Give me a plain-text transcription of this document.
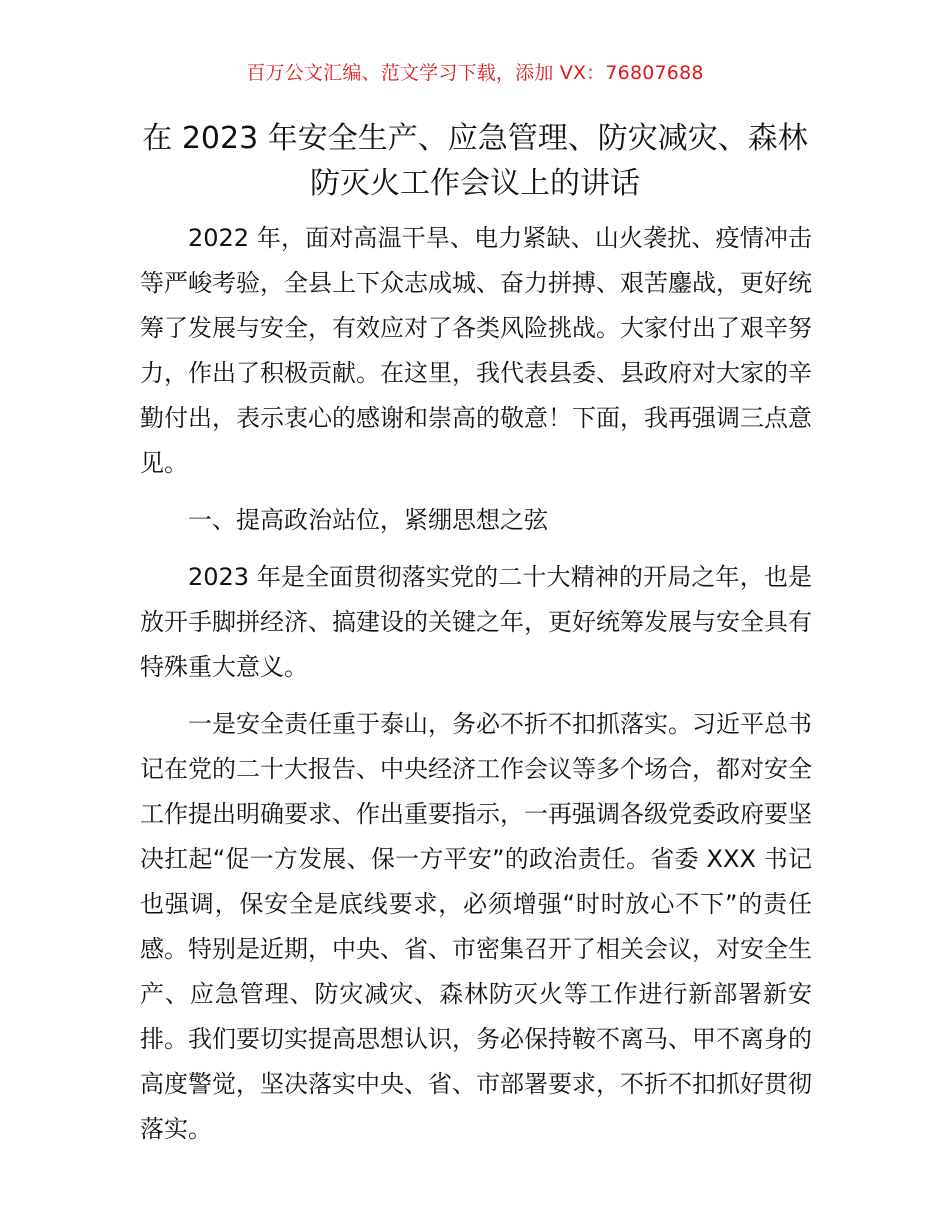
百万公文汇编、范文学习下载，添加 VX：76807688
在 2023 年安全生产、应急管理、防灾减灾、森林防灭火工作会议上的讲话

2022 年，面对高温干旱、电力紧缺、山火袭扰、疫情冲击等严峻考验，全县上下众志成城、奋力拼搏、艰苦鏖战，更好统筹了发展与安全，有效应对了各类风险挑战。大家付出了艰辛努力，作出了积极贡献。在这里，我代表县委、县政府对大家的辛勤付出，表示衷心的感谢和崇高的敬意！下面，我再强调三点意见。

一、提高政治站位，紧绷思想之弦

2023 年是全面贯彻落实党的二十大精神的开局之年，也是放开手脚拼经济、搞建设的关键之年，更好统筹发展与安全具有特殊重大意义。

一是安全责任重于泰山，务必不折不扣抓落实。习近平总书记在党的二十大报告、中央经济工作会议等多个场合，都对安全工作提出明确要求、作出重要指示，一再强调各级党委政府要坚决扛起“促一方发展、保一方平安”的政治责任。省委 XXX 书记也强调，保安全是底线要求，必须增强“时时放心不下”的责任感。特别是近期，中央、省、市密集召开了相关会议，对安全生产、应急管理、防灾减灾、森林防灭火等工作进行新部署新安排。我们要切实提高思想认识，务必保持鞍不离马、甲不离身的高度警觉，坚决落实中央、省、市部署要求，不折不扣抓好贯彻落实。
